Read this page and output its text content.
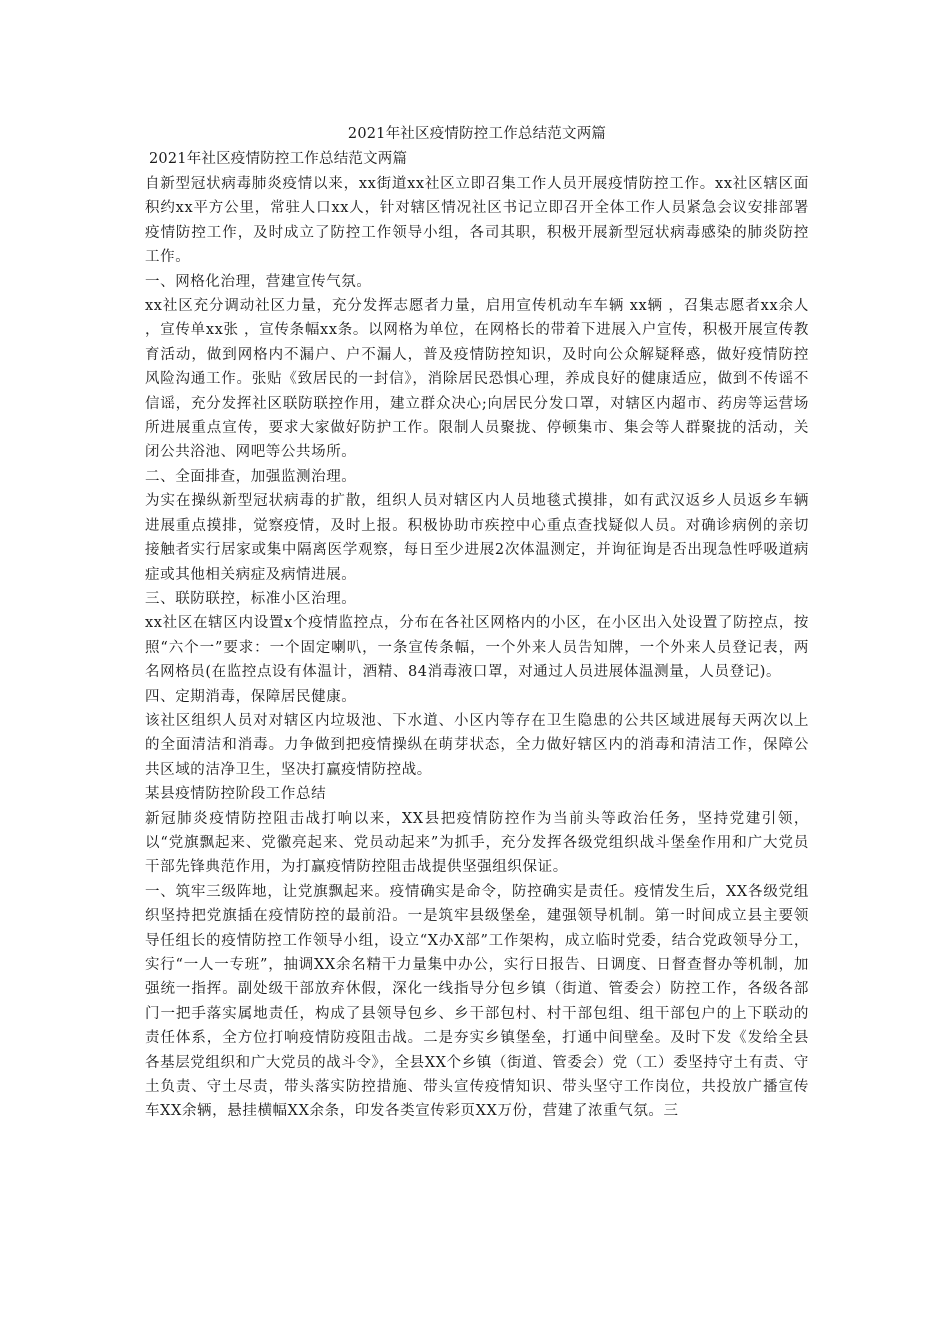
2021年社区疫情防控工作总结范文两篇
2021年社区疫情防控工作总结范文两篇

自新型冠状病毒肺炎疫情以来，xx街道xx社区立即召集工作人员开展疫情防控工作。xx社区辖区面积约xx平方公里，常驻人口xx人，针对辖区情况社区书记立即召开全体工作人员紧急会议安排部署疫情防控工作，及时成立了防控工作领导小组，各司其职，积极开展新型冠状病毒感染的肺炎防控工作。

一、网格化治理，营建宣传气氛。

xx社区充分调动社区力量，充分发挥志愿者力量，启用宣传机动车车辆 xx辆 ，召集志愿者xx余人 ，宣传单xx张 ，宣传条幅xx条。以网格为单位，在网格长的带着下进展入户宣传，积极开展宣传教育活动，做到网格内不漏户、户不漏人，普及疫情防控知识，及时向公众解疑释惑，做好疫情防控风险沟通工作。张贴《致居民的一封信》，消除居民恐惧心理，养成良好的健康适应，做到不传谣不信谣，充分发挥社区联防联控作用，建立群众决心;向居民分发口罩，对辖区内超市、药房等运营场所进展重点宣传，要求大家做好防护工作。限制人员聚拢、停顿集市、集会等人群聚拢的活动，关闭公共浴池、网吧等公共场所。

二、全面排查，加强监测治理。

为实在操纵新型冠状病毒的扩散，组织人员对辖区内人员地毯式摸排，如有武汉返乡人员返乡车辆进展重点摸排，觉察疫情，及时上报。积极协助市疾控中心重点查找疑似人员。对确诊病例的亲切接触者实行居家或集中隔离医学观察，每日至少进展2次体温测定，并询征询是否出现急性呼吸道病症或其他相关病症及病情进展。

三、联防联控，标准小区治理。

xx社区在辖区内设置x个疫情监控点，分布在各社区网格内的小区，在小区出入处设置了防控点，按照“六个一”要求：一个固定喇叭，一条宣传条幅，一个外来人员告知牌，一个外来人员登记表，两名网格员(在监控点设有体温计，酒精、84消毒液口罩，对通过人员进展体温测量，人员登记)。

四、定期消毒，保障居民健康。

该社区组织人员对对辖区内垃圾池、下水道、小区内等存在卫生隐患的公共区域进展每天两次以上的全面清洁和消毒。力争做到把疫情操纵在萌芽状态，全力做好辖区内的消毒和清洁工作，保障公共区域的洁净卫生，坚决打赢疫情防控战。

某县疫情防控阶段工作总结

新冠肺炎疫情防控阻击战打响以来，XX县把疫情防控作为当前头等政治任务，坚持党建引领，以“党旗飘起来、党徽亮起来、党员动起来”为抓手，充分发挥各级党组织战斗堡垒作用和广大党员干部先锋典范作用，为打赢疫情防控阻击战提供坚强组织保证。

一、筑牢三级阵地，让党旗飘起来。疫情确实是命令，防控确实是责任。疫情发生后，XX各级党组织坚持把党旗插在疫情防控的最前沿。一是筑牢县级堡垒，建强领导机制。第一时间成立县主要领导任组长的疫情防控工作领导小组，设立“X办X部”工作架构，成立临时党委，结合党政领导分工，实行“一人一专班”，抽调XX余名精干力量集中办公，实行日报告、日调度、日督查督办等机制，加强统一指挥。副处级干部放弃休假，深化一线指导分包乡镇（街道、管委会）防控工作，各级各部门一把手落实属地责任，构成了县领导包乡、乡干部包村、村干部包组、组干部包户的上下联动的责任体系，全方位打响疫情防疫阻击战。二是夯实乡镇堡垒，打通中间壁垒。及时下发《发给全县各基层党组织和广大党员的战斗令》，全县XX个乡镇（街道、管委会）党（工）委坚持守土有责、守土负责、守土尽责，带头落实防控措施、带头宣传疫情知识、带头坚守工作岗位，共投放广播宣传车XX余辆，悬挂横幅XX余条，印发各类宣传彩页XX万份，营建了浓重气氛。三
